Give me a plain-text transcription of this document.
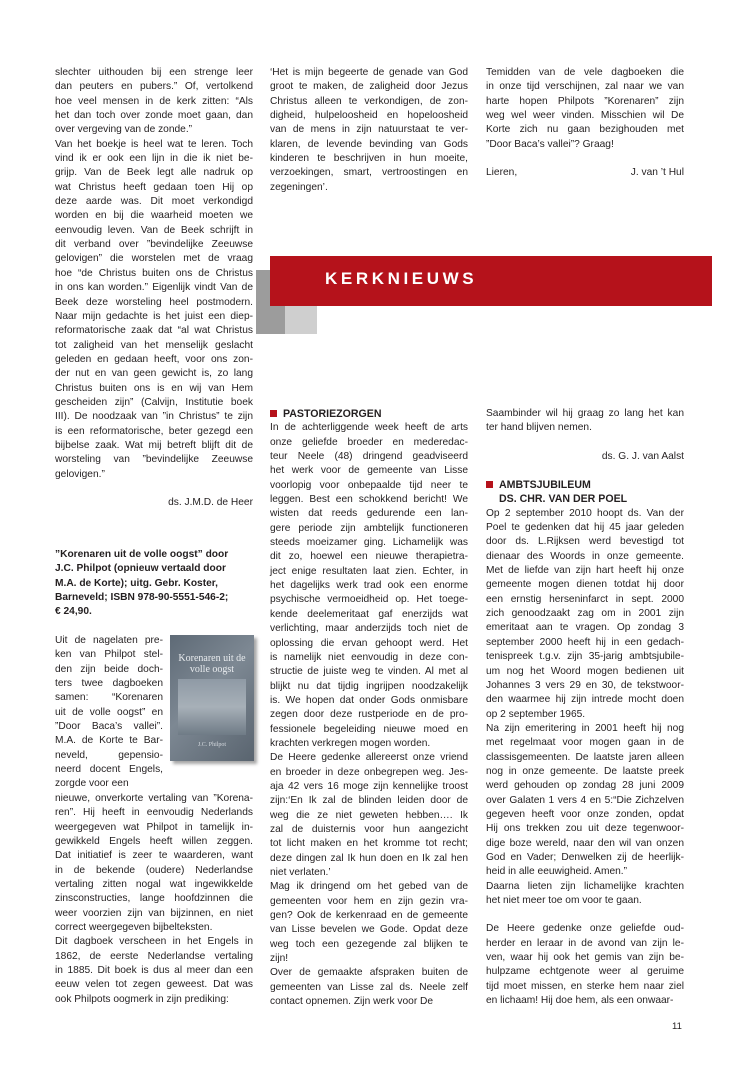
slechter uithouden bij een strenge leer
dan peuters en pubers.” Of, vertolkend
hoe veel mensen in de kerk zitten: “Als
het dan toch over zonde moet gaan, dan
over vergeving van de zonde.”

Van het boekje is heel wat te leren. Toch
vind ik er ook een lijn in die ik niet be-
grijp. Van de Beek legt alle nadruk op
wat Christus heeft gedaan toen Hij op
deze aarde was. Dit moet verkondigd
worden en bij die waarheid moeten we
eenvoudig leven. Van de Beek schrijft in
dit verband over ”bevindelijke Zeeuwse
gelovigen” die worstelen met de vraag
hoe “de Christus buiten ons de Christus
in ons kan worden.” Eigenlijk vindt Van de
Beek deze worsteling heel postmodern.
Naar mijn gedachte is het juist een diep-
reformatorische zaak dat “al wat Christus
tot zaligheid van het menselijk geslacht
geleden en gedaan heeft, voor ons zon-
der nut en van geen gewicht is, zo lang
Christus buiten ons is en wij van Hem
gescheiden zijn” (Calvijn, Institutie boek
III). De noodzaak van ”in Christus” te zijn
is een reformatorische, beter gezegd een
bijbelse zaak. Wat mij betreft blijft dit de
worsteling van ”bevindelijke Zeeuwse
gelovigen.”

ds. J.M.D. de Heer

”Korenaren uit de volle oogst” door
J.C. Philpot (opnieuw vertaald door
M.A. de Korte); uitg. Gebr. Koster,
Barneveld; ISBN 978-90-5551-546-2;
€ 24,90.

Uit de nagelaten pre-
ken van Philpot stel-
den zijn beide doch-
ters twee dagboeken
samen: “Korenaren
uit de volle oogst” en
”Door Baca’s vallei”.
M.A. de Korte te Bar-
neveld, gepensio-
neerd docent Engels,
zorgde voor een

Korenaren uit de volle oogst
J.C. Philpot

nieuwe, onverkorte vertaling van ”Korena-
ren”. Hij heeft in eenvoudig Nederlands
weergegeven wat Philpot in tamelijk in-
gewikkeld Engels heeft willen zeggen.
Dat initiatief is zeer te waarderen, want
in de bekende (oudere) Nederlandse
vertaling zitten nogal wat ingewikkelde
zinsconstructies, lange hoofdzinnen die
weer voorzien zijn van bijzinnen, en niet
correct weergegeven bijbelteksten.

Dit dagboek verscheen in het Engels in
1862, de eerste Nederlandse vertaling
in 1885. Dit boek is dus al meer dan een
eeuw velen tot zegen geweest. Dat was
ook Philpots oogmerk in zijn prediking:

‘Het is mijn begeerte de genade van God
groot te maken, de zaligheid door Jezus
Christus alleen te verkondigen, de zon-
digheid, hulpeloosheid en hopeloosheid
van de mens in zijn natuurstaat te ver-
klaren, de levende bevinding van Gods
kinderen te beschrijven in hun moeite,
verzoekingen, smart, vertroostingen en
zegeningen’.

Temidden van de vele dagboeken die
in onze tijd verschijnen, zal naar we van
harte hopen Philpots ”Korenaren” zijn
weg wel weer vinden. Misschien wil De
Korte zich nu gaan bezighouden met
”Door Baca’s vallei”? Graag!

Lieren,	J. van ’t Hul
KERKNIEUWS
PASTORIEZORGEN

In de achterliggende week heeft de arts
onze geliefde broeder en mederedac-
teur Neele (48) dringend geadviseerd
het werk voor de gemeente van Lisse
voorlopig voor onbepaalde tijd neer te
leggen. Best een schokkend bericht! We
wisten dat reeds gedurende een lan-
gere periode zijn ambtelijk functioneren
steeds moeizamer ging. Lichamelijk was
dit zo, hoewel een nieuwe therapietra-
ject enige resultaten laat zien. Echter, in
het dagelijks werk trad ook een enorme
psychische vermoeidheid op. Het toege-
kende deelemeritaat gaf enerzijds wat
verlichting, maar anderzijds toch niet de
oplossing die ervan gehoopt werd. Het
is namelijk niet eenvoudig in deze con-
structie de juiste weg te vinden. Al met al
blijkt nu dat tijdig ingrijpen noodzakelijk
is. We hopen dat onder Gods onmisbare
zegen door deze rustperiode en de pro-
fessionele begeleiding nieuwe moed en
krachten verkregen mogen worden.

De Heere gedenke allereerst onze vriend
en broeder in deze onbegrepen weg. Jes-
aja 42 vers 16 moge zijn kennelijke troost
zijn:‘En Ik zal de blinden leiden door de
weg die ze niet geweten hebben…. Ik
zal de duisternis voor hun aangezicht
tot licht maken en het kromme tot recht;
deze dingen zal Ik hun doen en Ik zal hen
niet verlaten.’

Mag ik dringend om het gebed van de
gemeenten voor hem en zijn gezin vra-
gen? Ook de kerkenraad en de gemeente
van Lisse bevelen we Gode. Opdat deze
weg toch een gezegende zal blijken te
zijn!

Over de gemaakte afspraken buiten de
gemeenten van Lisse zal ds. Neele zelf
contact opnemen. Zijn werk voor De

Saambinder wil hij graag zo lang het kan
ter hand blijven nemen.

ds. G. J. van Aalst

AMBTSJUBILEUM
DS. CHR. VAN DER POEL

Op 2 september 2010 hoopt ds. Van der
Poel te gedenken dat hij 45 jaar geleden
door ds. L.Rijksen werd bevestigd tot
dienaar des Woords in onze gemeente.
Met de liefde van zijn hart heeft hij onze
gemeente mogen dienen totdat hij door
een ernstig herseninfarct in sept. 2000
zich genoodzaakt zag om in 2001 zijn
emeritaat aan te vragen. Op zondag 3
september 2000 heeft hij in een gedach-
tenispreek t.g.v. zijn 35-jarig ambtsjubile-
um nog het Woord mogen bedienen uit
Johannes 3 vers 29 en 30, de tekstwoor-
den waarmee hij zijn intrede mocht doen
op 2 september 1965.

Na zijn emeritering in 2001 heeft hij nog
met regelmaat voor mogen gaan in de
classisgemeenten. De laatste jaren alleen
nog in onze gemeente. De laatste preek
werd gehouden op zondag 28 juni 2009
over Galaten 1 vers 4 en 5:“Die Zichzelven
gegeven heeft voor onze zonden, opdat
Hij ons trekken zou uit deze tegenwoor-
dige boze wereld, naar den wil van onzen
God en Vader; Denwelken zij de heerlijk-
heid in alle eeuwigheid. Amen.”

Daarna lieten zijn lichamelijke krachten
het niet meer toe om voor te gaan.

De Heere gedenke onze geliefde oud-
herder en leraar in de avond van zijn le-
ven, waar hij ook het gemis van zijn be-
hulpzame echtgenote weer al geruime
tijd moet missen, en sterke hem naar ziel
en lichaam! Hij doe hem, als een onwaar-

11
